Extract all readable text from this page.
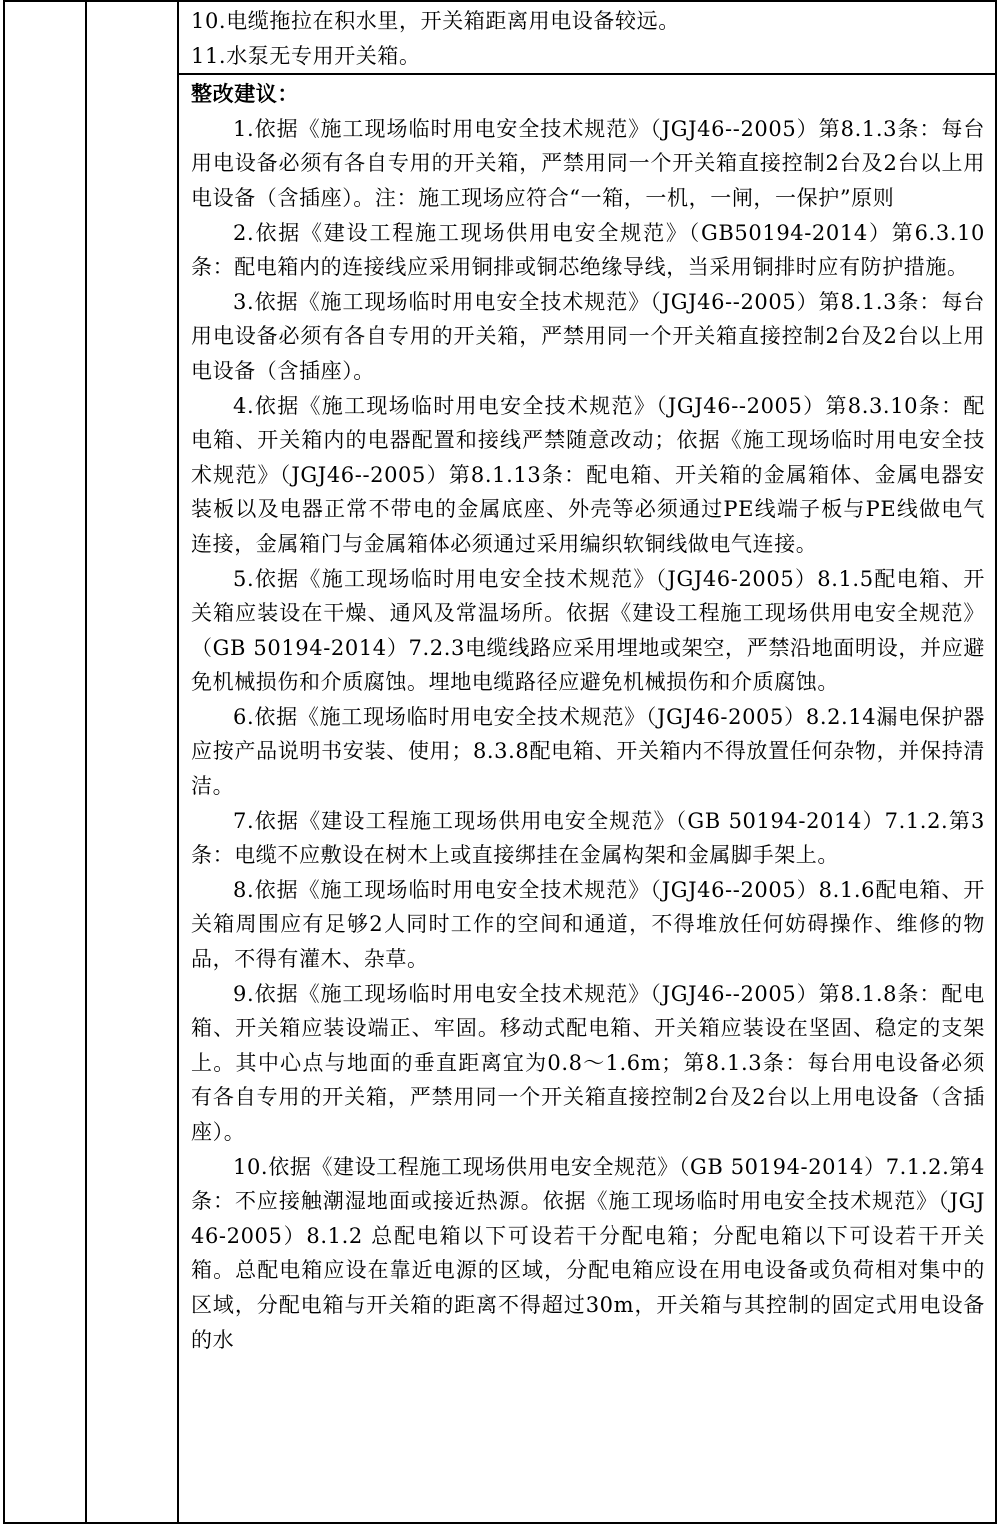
10.电缆拖拉在积水里，开关箱距离用电设备较远。

11.水泵无专用开关箱。

整改建议：

1.依据《施工现场临时用电安全技术规范》（JGJ46--2005）第8.1.3条：每台用电设备必须有各自专用的开关箱，严禁用同一个开关箱直接控制2台及2台以上用电设备（含插座）。注：施工现场应符合“一箱，一机，一闸，一保护”原则

2.依据《建设工程施工现场供用电安全规范》（GB50194-2014）第6.3.10条：配电箱内的连接线应采用铜排或铜芯绝缘导线，当采用铜排时应有防护措施。

3.依据《施工现场临时用电安全技术规范》（JGJ46--2005）第8.1.3条：每台用电设备必须有各自专用的开关箱，严禁用同一个开关箱直接控制2台及2台以上用电设备（含插座）。

4.依据《施工现场临时用电安全技术规范》（JGJ46--2005）第8.3.10条：配电箱、开关箱内的电器配置和接线严禁随意改动；依据《施工现场临时用电安全技术规范》（JGJ46--2005）第8.1.13条：配电箱、开关箱的金属箱体、金属电器安装板以及电器正常不带电的金属底座、外壳等必须通过PE线端子板与PE线做电气连接，金属箱门与金属箱体必须通过采用编织软铜线做电气连接。

5.依据《施工现场临时用电安全技术规范》（JGJ46-2005）8.1.5配电箱、开关箱应装设在干燥、通风及常温场所。依据《建设工程施工现场供用电安全规范》（GB 50194-2014）7.2.3电缆线路应采用埋地或架空，严禁沿地面明设，并应避免机械损伤和介质腐蚀。埋地电缆路径应避免机械损伤和介质腐蚀。

6.依据《施工现场临时用电安全技术规范》（JGJ46-2005）8.2.14漏电保护器应按产品说明书安装、使用；8.3.8配电箱、开关箱内不得放置任何杂物，并保持清洁。

7.依据《建设工程施工现场供用电安全规范》（GB 50194-2014）7.1.2.第3条：电缆不应敷设在树木上或直接绑挂在金属构架和金属脚手架上。

8.依据《施工现场临时用电安全技术规范》（JGJ46--2005）8.1.6配电箱、开关箱周围应有足够2人同时工作的空间和通道，不得堆放任何妨碍操作、维修的物品，不得有灌木、杂草。

9.依据《施工现场临时用电安全技术规范》（JGJ46--2005）第8.1.8条：配电箱、开关箱应装设端正、牢固。移动式配电箱、开关箱应装设在坚固、稳定的支架上。其中心点与地面的垂直距离宜为0.8～1.6m；第8.1.3条：每台用电设备必须有各自专用的开关箱，严禁用同一个开关箱直接控制2台及2台以上用电设备（含插座）。

10.依据《建设工程施工现场供用电安全规范》（GB 50194-2014）7.1.2.第4条：不应接触潮湿地面或接近热源。依据《施工现场临时用电安全技术规范》（JGJ46-2005）8.1.2 总配电箱以下可设若干分配电箱；分配电箱以下可设若干开关箱。总配电箱应设在靠近电源的区域，分配电箱应设在用电设备或负荷相对集中的区域，分配电箱与开关箱的距离不得超过30m，开关箱与其控制的固定式用电设备的水
